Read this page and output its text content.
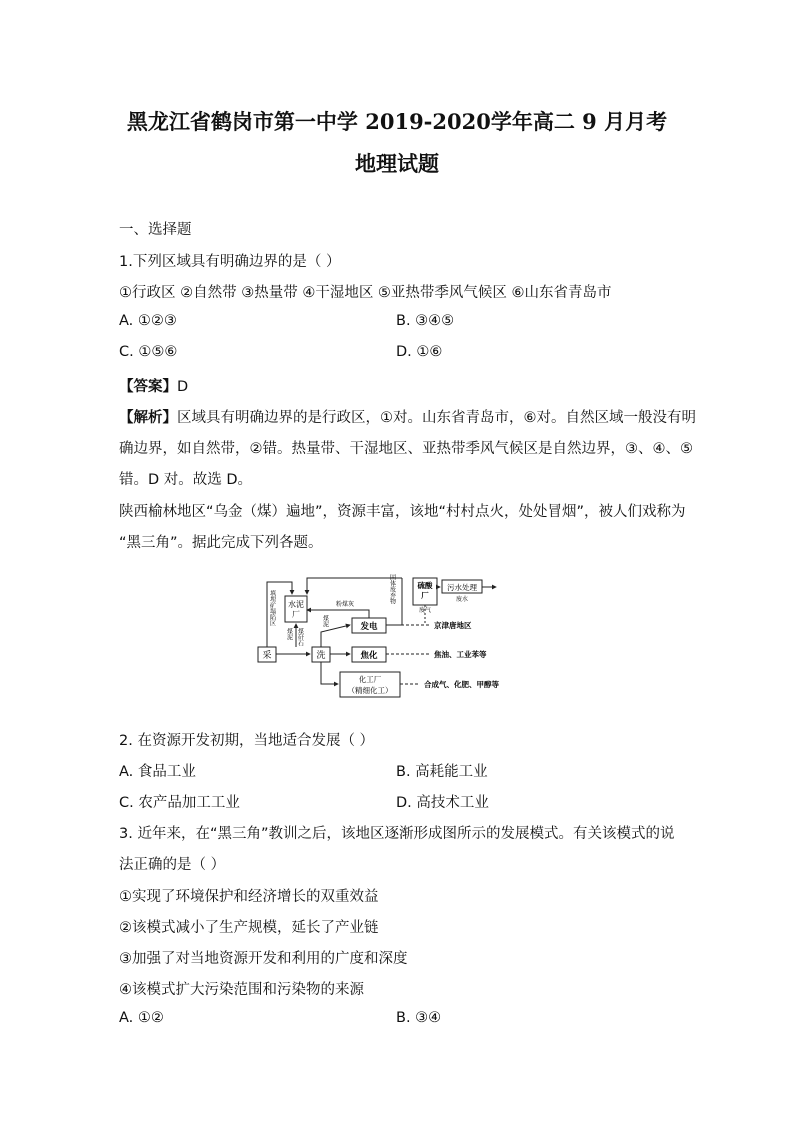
黑龙江省鹤岗市第一中学 2019-2020学年高二 9 月月考
地理试题
一、选择题
1.下列区域具有明确边界的是（ ）
①行政区 ②自然带 ③热量带 ④干湿地区 ⑤亚热带季风气候区 ⑥山东省青岛市
A. ①②③	B. ③④⑤
C. ①⑤⑥	D. ①⑥
【答案】D
【解析】区域具有明确边界的是行政区，①对。山东省青岛市，⑥对。自然区域一般没有明
确边界，如自然带，②错。热量带、干湿地区、亚热带季风气候区是自然边界，③、④、⑤
错。D 对。故选 D。
陕西榆林地区“乌金（煤）遍地”，资源丰富，该地“村村点火，处处冒烟”，被人们戏称为
“黑三角”。据此完成下列各题。
采	洗
水泥
厂
发电
焦化
化工厂
（精细化工）
硫酸
厂
污水处理
填埋矿塌陷区
煤矸石
煤泥
煤泥
粉煤灰
固体废弃物
废气
废水
京津唐地区
焦油、工业苯等
合成气、化肥、甲醇等
2. 在资源开发初期，当地适合发展（ ）
A. 食品工业	B. 高耗能工业
C. 农产品加工工业	D. 高技术工业
3. 近年来，在“黑三角”教训之后，该地区逐渐形成图所示的发展模式。有关该模式的说
法正确的是（ ）
①实现了环境保护和经济增长的双重效益
②该模式减小了生产规模，延长了产业链
③加强了对当地资源开发和利用的广度和深度
④该模式扩大污染范围和污染物的来源
A. ①②	B. ③④
